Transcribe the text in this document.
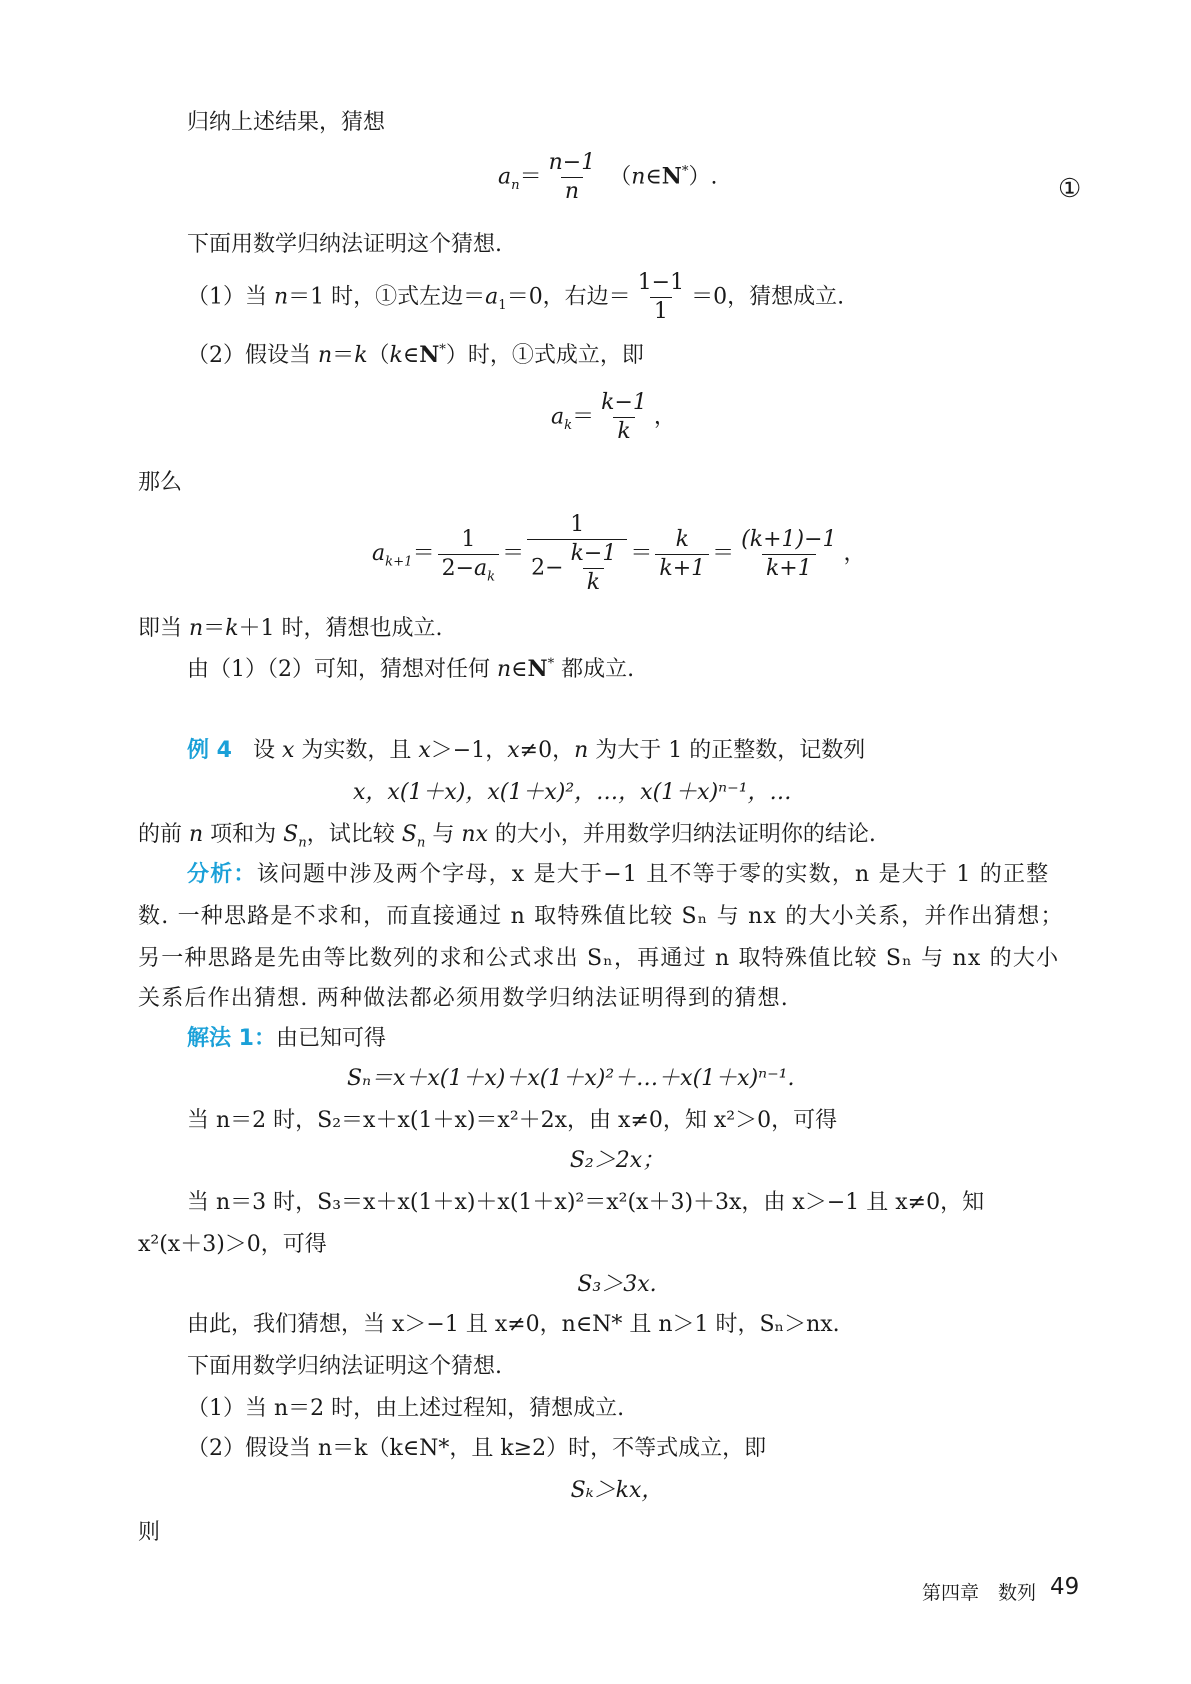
归纳上述结果，猜想
$a_n= \frac{n-1}{n}$ （n∈N*）.	①
下面用数学归纳法证明这个猜想.
（1）当 n＝1 时，①式左边$=a_1=0$，右边＝ $\frac{1-1}{1} =0$，猜想成立.
（2）假设当 n＝k（k∈N*）时，①式成立，即
$a_k= \frac{k-1}{k}$ ，
那么
$a_{k+1}= \frac{1}{2-a_k} = \frac{1}{2- \frac{k-1}{k}} = \frac{k}{k+1} = \frac{(k+1)-1}{k+1}$ ，
即当 n＝k＋1 时，猜想也成立.
由（1）（2）可知，猜想对任何 n∈N* 都成立.
例 4 设 x 为实数，且 x＞−1，x≠0，n 为大于 1 的正整数，记数列
x，x(1＋x)，x(1＋x)²，…，x(1＋x)ⁿ⁻¹，…
的前 n 项和为 $S_n$，试比较 $S_n$ 与 nx 的大小，并用数学归纳法证明你的结论.
分析：该问题中涉及两个字母，x 是大于−1 且不等于零的实数，n 是大于 1 的正整
数. 一种思路是不求和，而直接通过 n 取特殊值比较 Sₙ 与 nx 的大小关系，并作出猜想；
另一种思路是先由等比数列的求和公式求出 Sₙ，再通过 n 取特殊值比较 Sₙ 与 nx 的大小
关系后作出猜想. 两种做法都必须用数学归纳法证明得到的猜想.
解法 1：由已知可得
Sₙ＝x＋x(1＋x)＋x(1＋x)²＋…＋x(1＋x)ⁿ⁻¹.
当 n＝2 时，S₂＝x＋x(1＋x)＝x²＋2x，由 x≠0，知 x²＞0，可得
S₂＞2x；
当 n＝3 时，S₃＝x＋x(1＋x)＋x(1＋x)²＝x²(x＋3)＋3x，由 x＞−1 且 x≠0，知
x²(x＋3)＞0，可得
S₃＞3x.
由此，我们猜想，当 x＞−1 且 x≠0，n∈N* 且 n＞1 时，Sₙ＞nx.
下面用数学归纳法证明这个猜想.
（1）当 n＝2 时，由上述过程知，猜想成立.
（2）假设当 n＝k（k∈N*，且 k≥2）时，不等式成立，即
Sₖ＞kx，
则
第四章　数列 49
